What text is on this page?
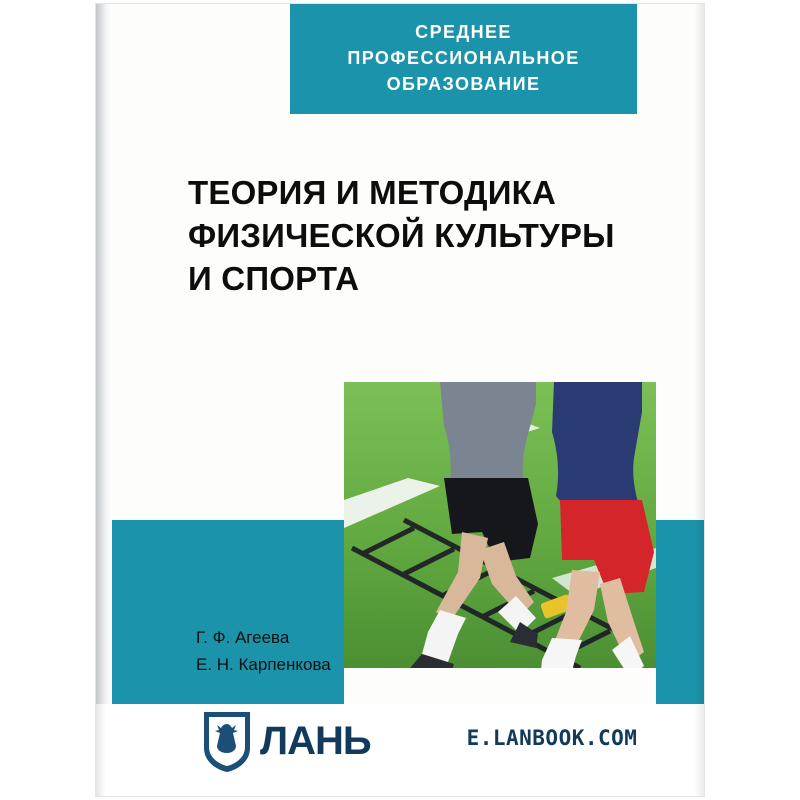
СРЕДНЕЕ
ПРОФЕССИОНАЛЬНОЕ
ОБРАЗОВАНИЕ
ТЕОРИЯ И МЕТОДИКА
ФИЗИЧЕСКОЙ КУЛЬТУРЫ
И СПОРТА
Г. Ф. Агеева
Е. Н. Карпенкова
ЛАНЬ	E.LANBOOK.COM
